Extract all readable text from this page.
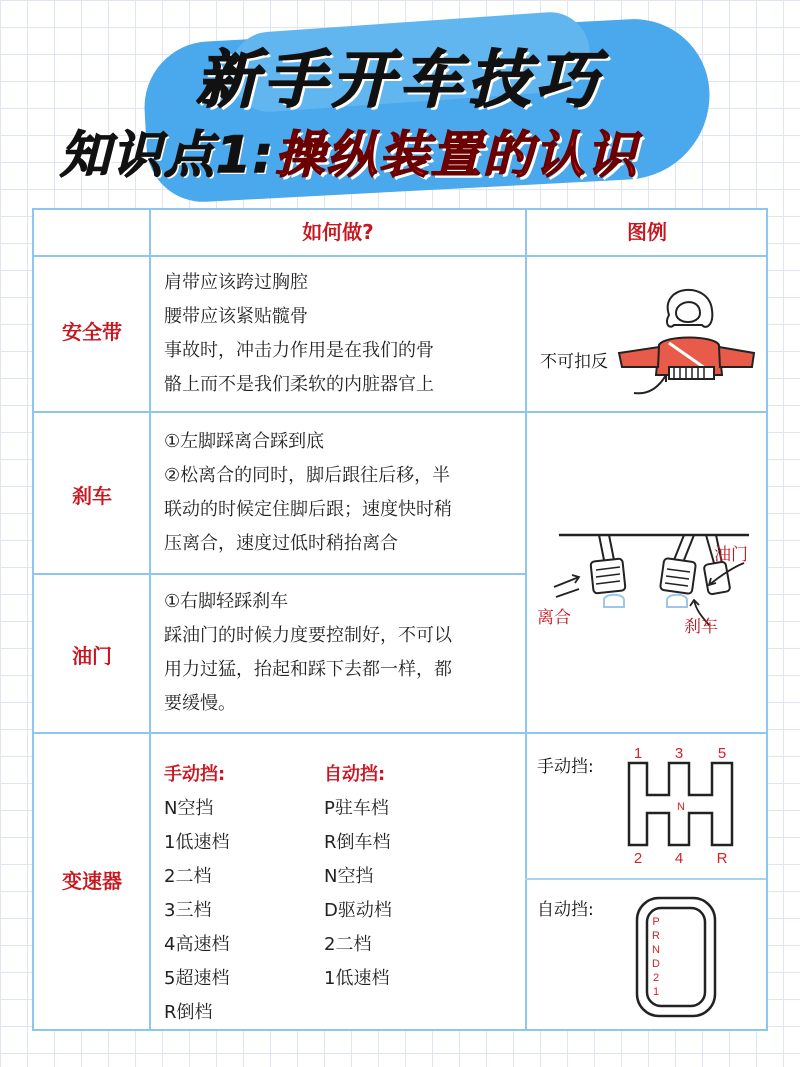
新手开车技巧
知识点1:操纵装置的认识
如何做?	图例
安全带
肩带应该跨过胸腔
腰带应该紧贴髋骨
事故时，冲击力作用是在我们的骨
骼上而不是我们柔软的内脏器官上
不可扣反
刹车
①左脚踩离合踩到底
②松离合的同时，脚后跟往后移，半
联动的时候定住脚后跟；速度快时稍
压离合，速度过低时稍抬离合
油门
①右脚轻踩刹车
踩油门的时候力度要控制好，不可以
用力过猛，抬起和踩下去都一样，都
要缓慢。
离合
油门
刹车
变速器
手动挡:
N空挡
1低速档
2二档
3三档
4高速档
5超速档
R倒档
自动挡:
P驻车档
R倒车档
N空挡
D驱动档
2二档
1低速档
手动挡:
1 3 5
N
2 4 R
自动挡:
P
R
N
D
2
1
